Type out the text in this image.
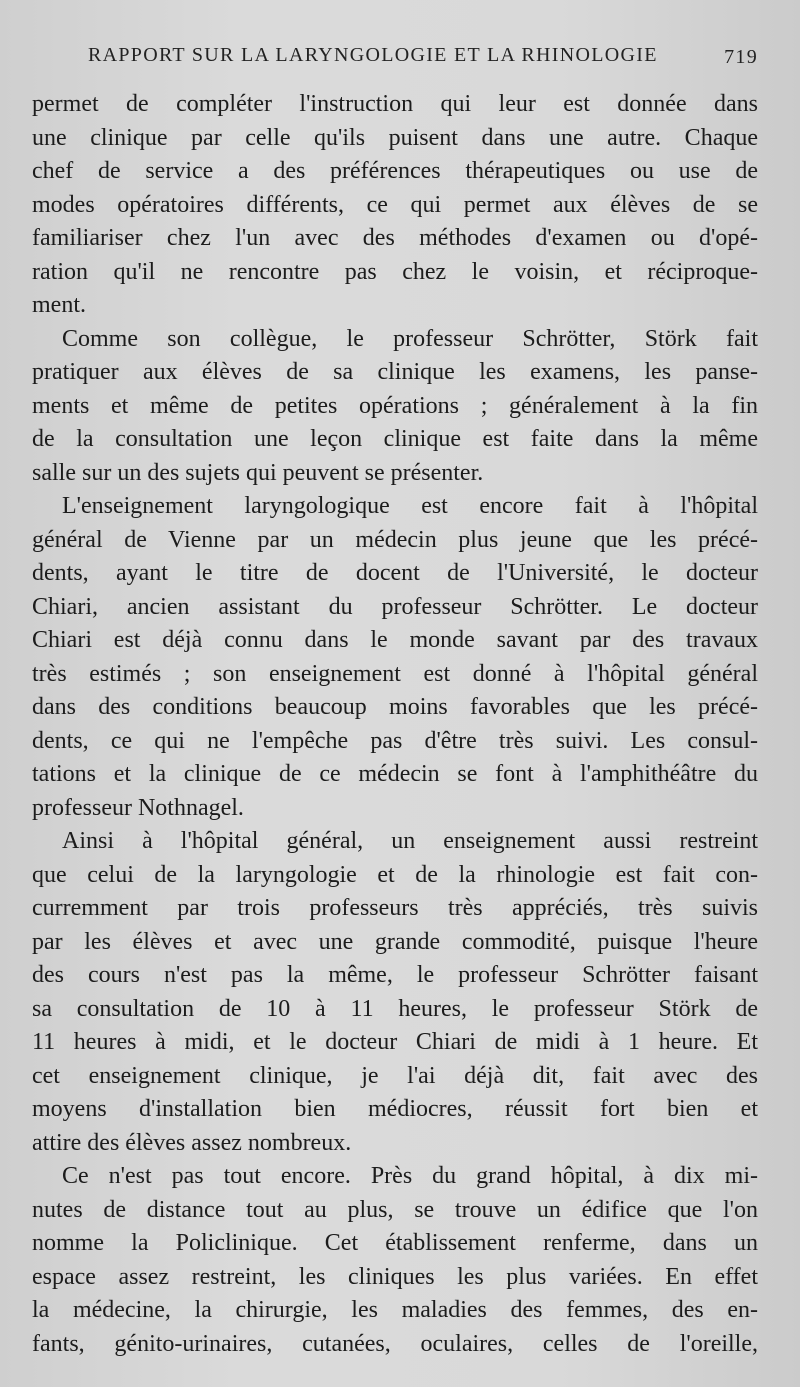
RAPPORT SUR LA LARYNGOLOGIE ET LA RHINOLOGIE	719
permet de compléter l'instruction qui leur est donnée dans
une clinique par celle qu'ils puisent dans une autre. Chaque
chef de service a des préférences thérapeutiques ou use de
modes opératoires différents, ce qui permet aux élèves de se
familiariser chez l'un avec des méthodes d'examen ou d'opé-
ration qu'il ne rencontre pas chez le voisin, et réciproque-
ment.
Comme son collègue, le professeur Schrötter, Störk fait
pratiquer aux élèves de sa clinique les examens, les panse-
ments et même de petites opérations ; généralement à la fin
de la consultation une leçon clinique est faite dans la même
salle sur un des sujets qui peuvent se présenter.
L'enseignement laryngologique est encore fait à l'hôpital
général de Vienne par un médecin plus jeune que les précé-
dents, ayant le titre de docent de l'Université, le docteur
Chiari, ancien assistant du professeur Schrötter. Le docteur
Chiari est déjà connu dans le monde savant par des travaux
très estimés ; son enseignement est donné à l'hôpital général
dans des conditions beaucoup moins favorables que les précé-
dents, ce qui ne l'empêche pas d'être très suivi. Les consul-
tations et la clinique de ce médecin se font à l'amphithéâtre du
professeur Nothnagel.
Ainsi à l'hôpital général, un enseignement aussi restreint
que celui de la laryngologie et de la rhinologie est fait con-
curremment par trois professeurs très appréciés, très suivis
par les élèves et avec une grande commodité, puisque l'heure
des cours n'est pas la même, le professeur Schrötter faisant
sa consultation de 10 à 11 heures, le professeur Störk de
11 heures à midi, et le docteur Chiari de midi à 1 heure. Et
cet enseignement clinique, je l'ai déjà dit, fait avec des
moyens d'installation bien médiocres, réussit fort bien et
attire des élèves assez nombreux.
Ce n'est pas tout encore. Près du grand hôpital, à dix mi-
nutes de distance tout au plus, se trouve un édifice que l'on
nomme la Policlinique. Cet établissement renferme, dans un
espace assez restreint, les cliniques les plus variées. En effet
la médecine, la chirurgie, les maladies des femmes, des en-
fants, génito-urinaires, cutanées, oculaires, celles de l'oreille,
